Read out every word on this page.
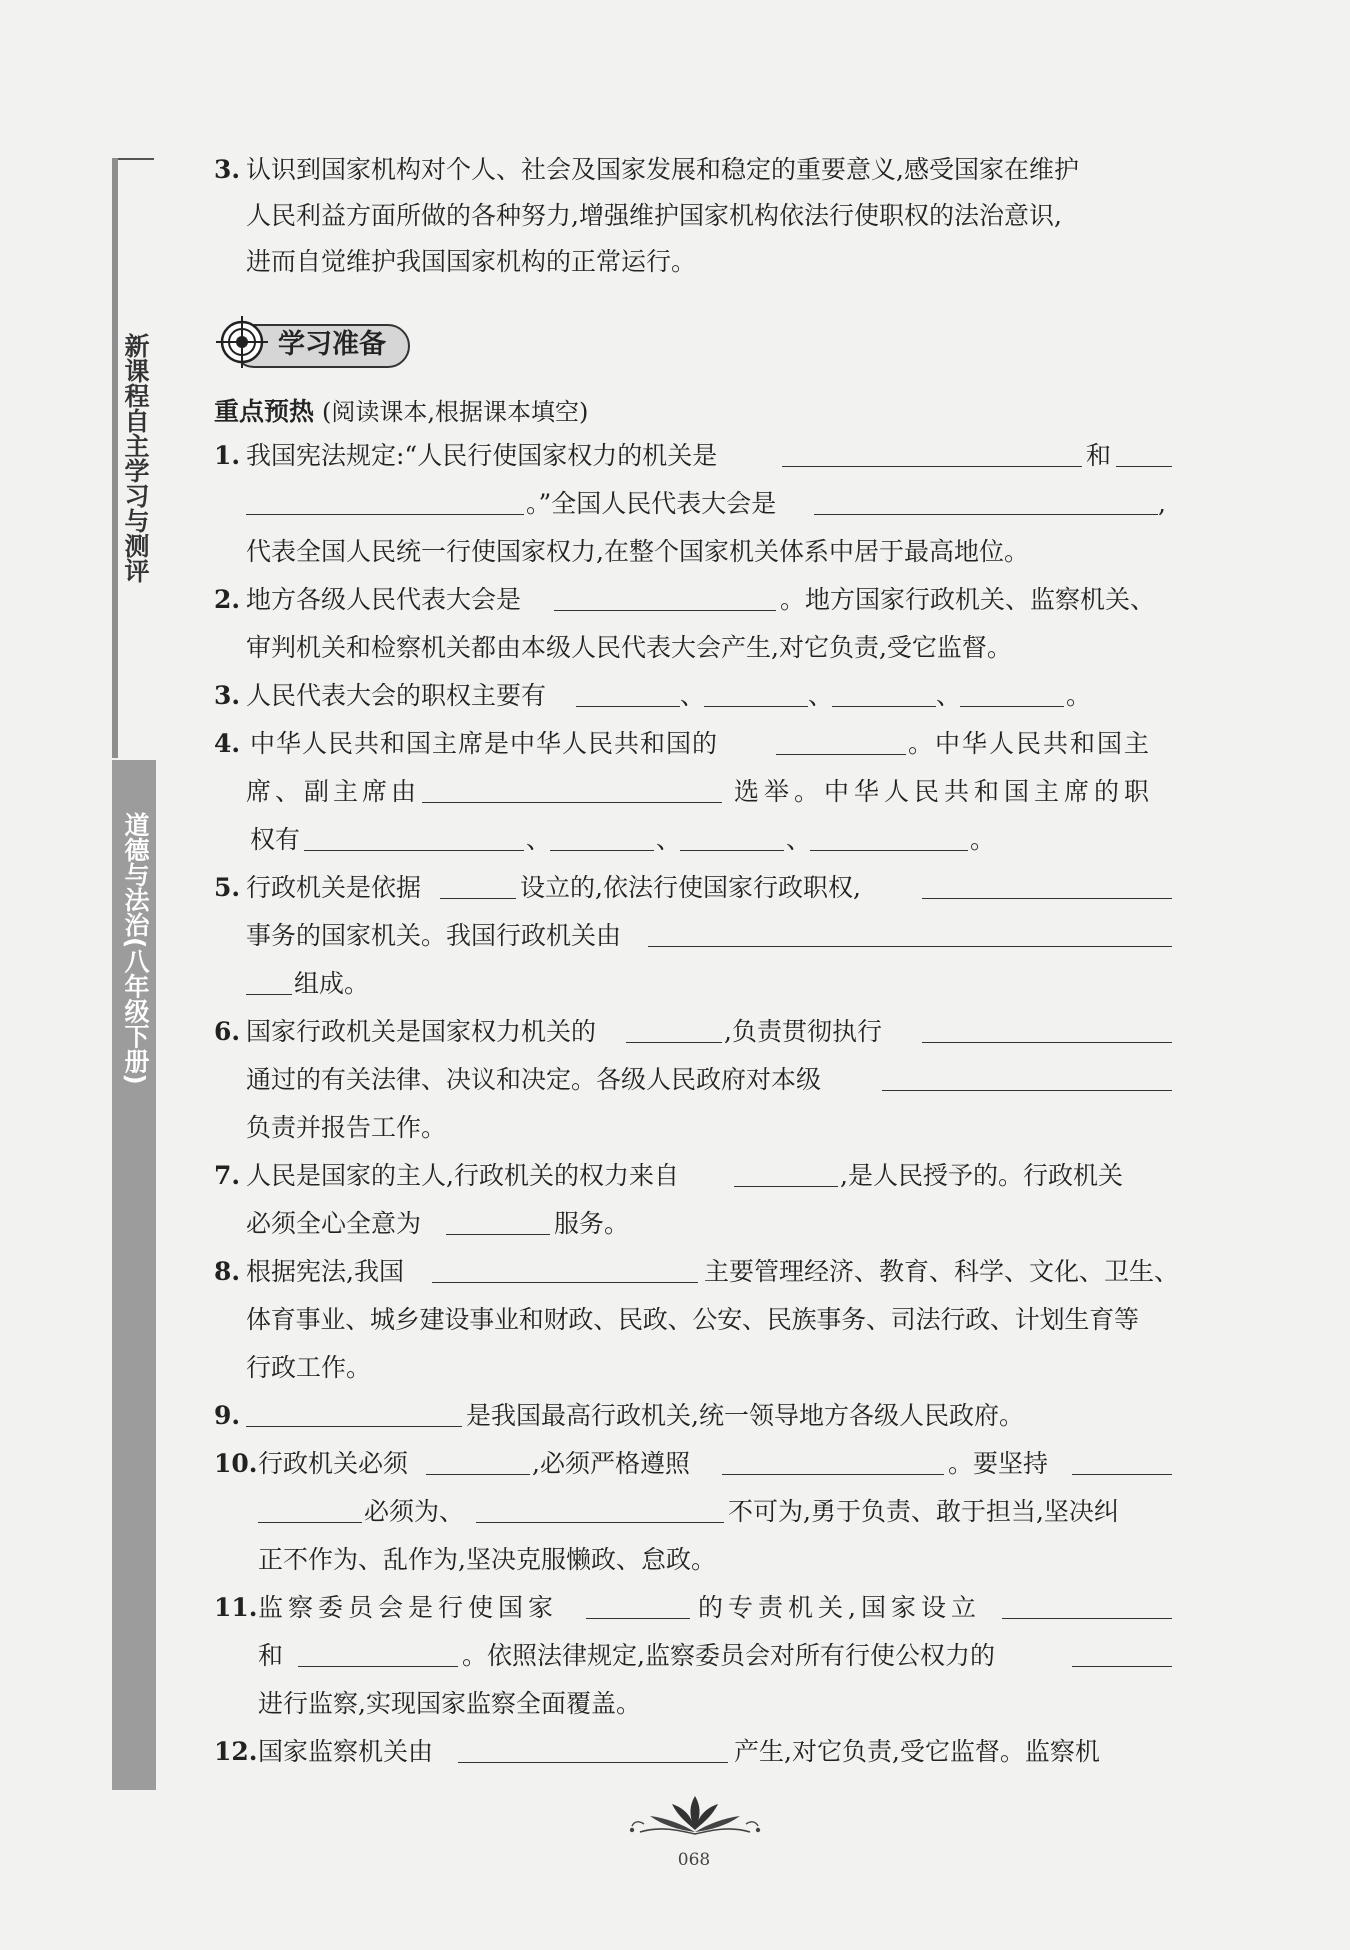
新课程自主学习与测评
道德与法治(八年级下册)
3. 认识到国家机构对个人、社会及国家发展和稳定的重要意义,感受国家在维护
人民利益方面所做的各种努力,增强维护国家机构依法行使职权的法治意识,
进而自觉维护我国国家机构的正常运行。
学习准备
重点预热 (阅读课本,根据课本填空)
1. 我国宪法规定:“人民行使国家权力的机关是	和
。”全国人民代表大会是	,
代表全国人民统一行使国家权力,在整个国家机关体系中居于最高地位。
2. 地方各级人民代表大会是	。地方国家行政机关、监察机关、
审判机关和检察机关都由本级人民代表大会产生,对它负责,受它监督。
3. 人民代表大会的职权主要有	、	、	、	。
4. 中华人民共和国主席是中华人民共和国的	。中华人民共和国主
席、副主席由	选举。中华人民共和国主席的职
权有	、	、	、	。
5. 行政机关是依据	设立的,依法行使国家行政职权,
事务的国家机关。我国行政机关由
组成。
6. 国家行政机关是国家权力机关的	,负责贯彻执行
通过的有关法律、决议和决定。各级人民政府对本级
负责并报告工作。
7. 人民是国家的主人,行政机关的权力来自	,是人民授予的。行政机关
必须全心全意为	服务。
8. 根据宪法,我国	主要管理经济、教育、科学、文化、卫生、
体育事业、城乡建设事业和财政、民政、公安、民族事务、司法行政、计划生育等
行政工作。
9.	是我国最高行政机关,统一领导地方各级人民政府。
10. 行政机关必须	,必须严格遵照	。要坚持
必须为、	不可为,勇于负责、敢于担当,坚决纠
正不作为、乱作为,坚决克服懒政、怠政。
11. 监察委员会是行使国家	的专责机关,国家设立
和	。依照法律规定,监察委员会对所有行使公权力的
进行监察,实现国家监察全面覆盖。
12. 国家监察机关由	产生,对它负责,受它监督。监察机
068
